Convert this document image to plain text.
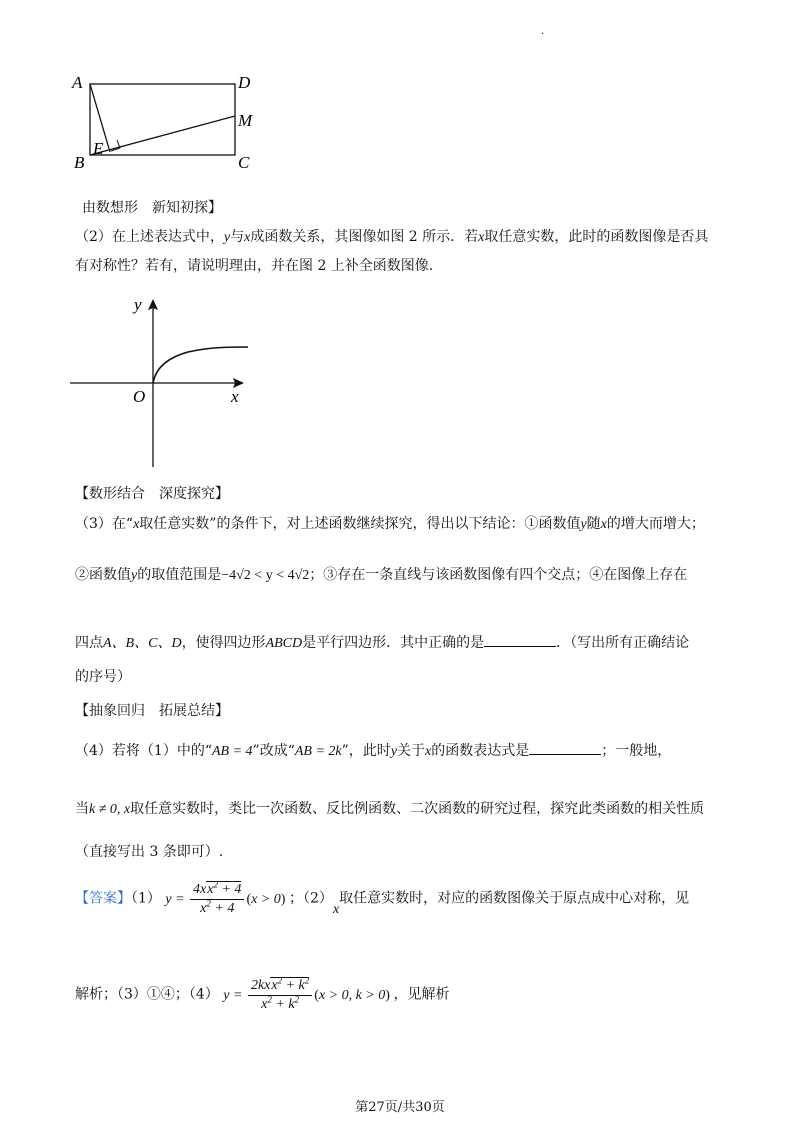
·
A	D
M
E
B	C
由数想形　新知初探】
（2）在上述表达式中，y与x成函数关系，其图像如图 2 所示．若x取任意实数，此时的函数图像是否具
有对称性？若有，请说明理由，并在图 2 上补全函数图像.
y
x
O
【数形结合　深度探究】
（3）在“x取任意实数”的条件下，对上述函数继续探究，得出以下结论：①函数值y随x的增大而增大；
②函数值y的取值范围是−4√2 < y < 4√2；③存在一条直线与该函数图像有四个交点；④在图像上存在
四点A、B、C、D，使得四边形ABCD是平行四边形．其中正确的是	．（写出所有正确结论
的序号）
【抽象回归　拓展总结】
（4）若将（1）中的“AB = 4”改成“AB = 2k”，此时y关于x的函数表达式是	；一般地，
当k ≠ 0, x取任意实数时，类比一次函数、反比例函数、二次函数的研究过程，探究此类函数的相关性质
（直接写出 3 条即可）.
【答案】（1） $y = \frac{4xx^2 + 4}{x^2 + 4} (x > 0)$ ；（2）x取任意实数时，对应的函数图像关于原点成中心对称，见
解析；（3）①④；（4） $y = \frac{2kxx^2 + k^2}{x^2 + k^2} (x > 0$, k > 0) ，见解析
第27页/共30页
